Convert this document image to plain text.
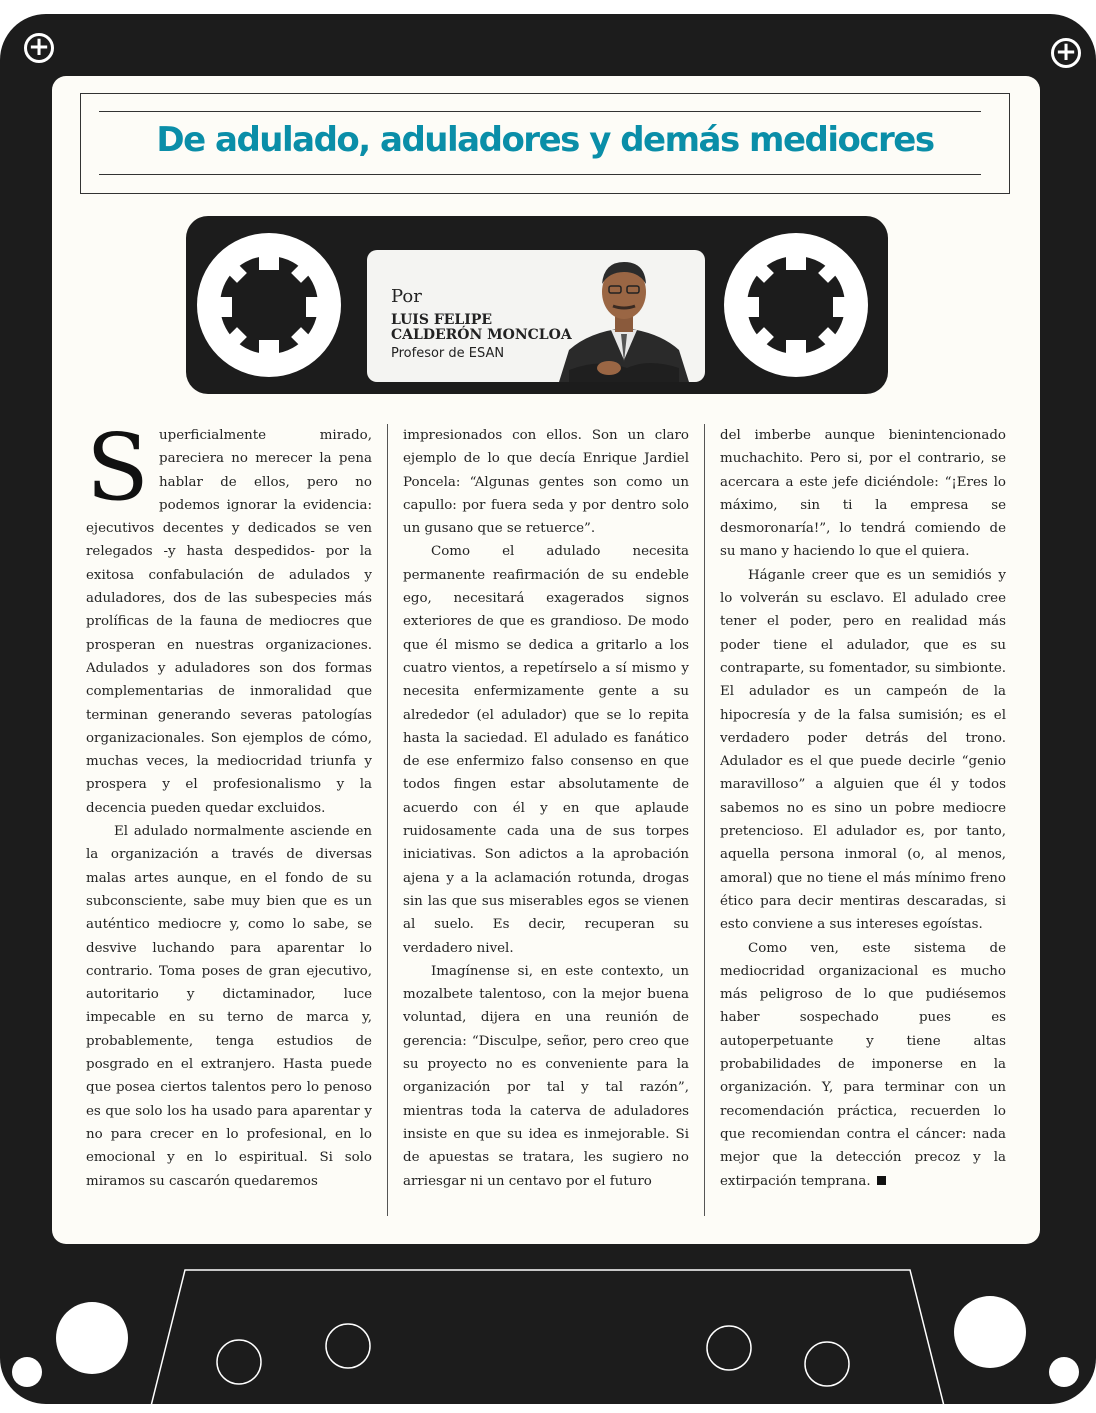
+	+
De adulado, aduladores y demás mediocres
Por
LUIS FELIPE
CALDERÓN MONCLOA
Profesor de ESAN

Superficialmente mirado, pareciera no merecer la pena hablar de ellos, pero no podemos ignorar la evidencia: ejecutivos decentes y dedicados se ven relegados -y hasta despedidos- por la exitosa confabulación de adulados y aduladores, dos de las subespecies más prolíficas de la fauna de mediocres que prosperan en nuestras organizaciones. Adulados y aduladores son dos formas complementarias de inmoralidad que terminan generando severas patologías organizacionales. Son ejemplos de cómo, muchas veces, la mediocridad triunfa y prospera y el profesionalismo y la decencia pueden quedar excluidos.

El adulado normalmente asciende en la organización a través de diversas malas artes aunque, en el fondo de su subconsciente, sabe muy bien que es un auténtico mediocre y, como lo sabe, se desvive luchando para aparentar lo contrario. Toma poses de gran ejecutivo, autoritario y dictaminador, luce impecable en su terno de marca y, probablemente, tenga estudios de posgrado en el extranjero. Hasta puede que posea ciertos talentos pero lo penoso es que solo los ha usado para aparentar y no para crecer en lo profesional, en lo emocional y en lo espiritual. Si solo miramos su cascarón quedaremos

impresionados con ellos. Son un claro ejemplo de lo que decía Enrique Jardiel Poncela: “Algunas gentes son como un capullo: por fuera seda y por dentro solo un gusano que se retuerce”.

Como el adulado necesita permanente reafirmación de su endeble ego, necesitará exagerados signos exteriores de que es grandioso. De modo que él mismo se dedica a gritarlo a los cuatro vientos, a repetírselo a sí mismo y necesita enfermizamente gente a su alrededor (el adulador) que se lo repita hasta la saciedad. El adulado es fanático de ese enfermizo falso consenso en que todos fingen estar absolutamente de acuerdo con él y en que aplaude ruidosamente cada una de sus torpes iniciativas. Son adictos a la aprobación ajena y a la aclamación rotunda, drogas sin las que sus miserables egos se vienen al suelo. Es decir, recuperan su verdadero nivel.

Imagínense si, en este contexto, un mozalbete talentoso, con la mejor buena voluntad, dijera en una reunión de gerencia: “Disculpe, señor, pero creo que su proyecto no es conveniente para la organización por tal y tal razón”, mientras toda la caterva de aduladores insiste en que su idea es inmejorable. Si de apuestas se tratara, les sugiero no arriesgar ni un centavo por el futuro

del imberbe aunque bienintencionado muchachito. Pero si, por el contrario, se acercara a este jefe diciéndole: “¡Eres lo máximo, sin ti la empresa se desmoronaría!”, lo tendrá comiendo de su mano y haciendo lo que el quiera.

Háganle creer que es un semidiós y lo volverán su esclavo. El adulado cree tener el poder, pero en realidad más poder tiene el adulador, que es su contraparte, su fomentador, su simbionte. El adulador es un campeón de la hipocresía y de la falsa sumisión; es el verdadero poder detrás del trono. Adulador es el que puede decirle “genio maravilloso” a alguien que él y todos sabemos no es sino un pobre mediocre pretencioso. El adulador es, por tanto, aquella persona inmoral (o, al menos, amoral) que no tiene el más mínimo freno ético para decir mentiras descaradas, si esto conviene a sus intereses egoístas.

Como ven, este sistema de mediocridad organizacional es mucho más peligroso de lo que pudiésemos haber sospechado pues es autoperpetuante y tiene altas probabilidades de imponerse en la organización. Y, para terminar con un recomendación práctica, recuerden lo que recomiendan contra el cáncer: nada mejor que la detección precoz y la extirpación temprana.
